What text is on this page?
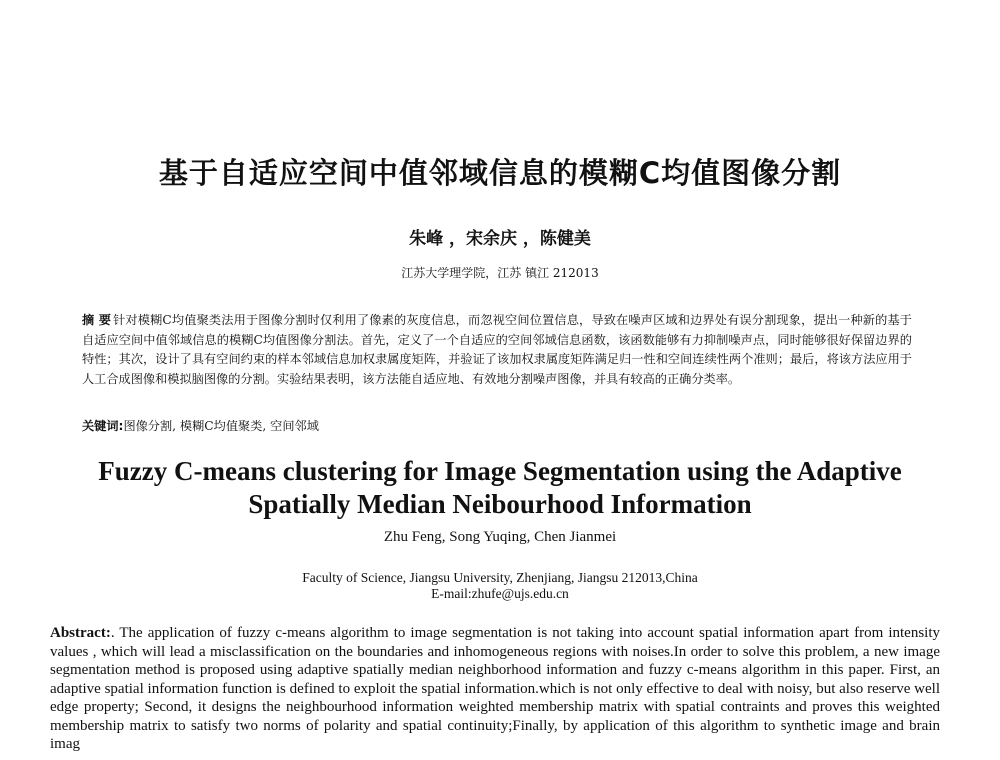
基于自适应空间中值邻域信息的模糊C均值图像分割
朱峰 ，宋余庆 ，陈健美
江苏大学理学院，江苏 镇江 212013
摘 要 针对模糊C均值聚类法用于图像分割时仅利用了像素的灰度信息，而忽视空间位置信息，导致在噪声区域和边界处有误分割现象，提出一种新的基于自适应空间中值邻域信息的模糊C均值图像分割法。首先，定义了一个自适应的空间邻域信息函数，该函数能够有力抑制噪声点，同时能够很好保留边界的特性；其次，设计了具有空间约束的样本邻域信息加权隶属度矩阵，并验证了该加权隶属度矩阵满足归一性和空间连续性两个准则；最后，将该方法应用于人工合成图像和模拟脑图像的分割。实验结果表明，该方法能自适应地、有效地分割噪声图像，并具有较高的正确分类率。
关键词:图像分割, 模糊C均值聚类, 空间邻域
Fuzzy C-means clustering for Image Segmentation using the Adaptive
Spatially Median Neibourhood Information
Zhu Feng, Song Yuqing, Chen Jianmei
Faculty of Science, Jiangsu University, Zhenjiang, Jiangsu 212013,China
E-mail:zhufe@ujs.edu.cn
Abstract:. The application of fuzzy c-means algorithm to image segmentation is not taking into account spatial information apart from intensity values , which will lead a misclassification on the boundaries and inhomogeneous regions with noises.In order to solve this problem, a new image segmentation method is proposed using adaptive spatially median neighborhood information and fuzzy c-means algorithm in this paper. First, an adaptive spatial information function is defined to exploit the spatial information.which is not only effective to deal with noisy, but also reserve well edge property; Second, it designs the neighbourhood information weighted membership matrix with spatial contraints and proves this weighted membership matrix to satisfy two norms of polarity and spatial continuity;Finally, by application of this algorithm to synthetic image and brain imag
